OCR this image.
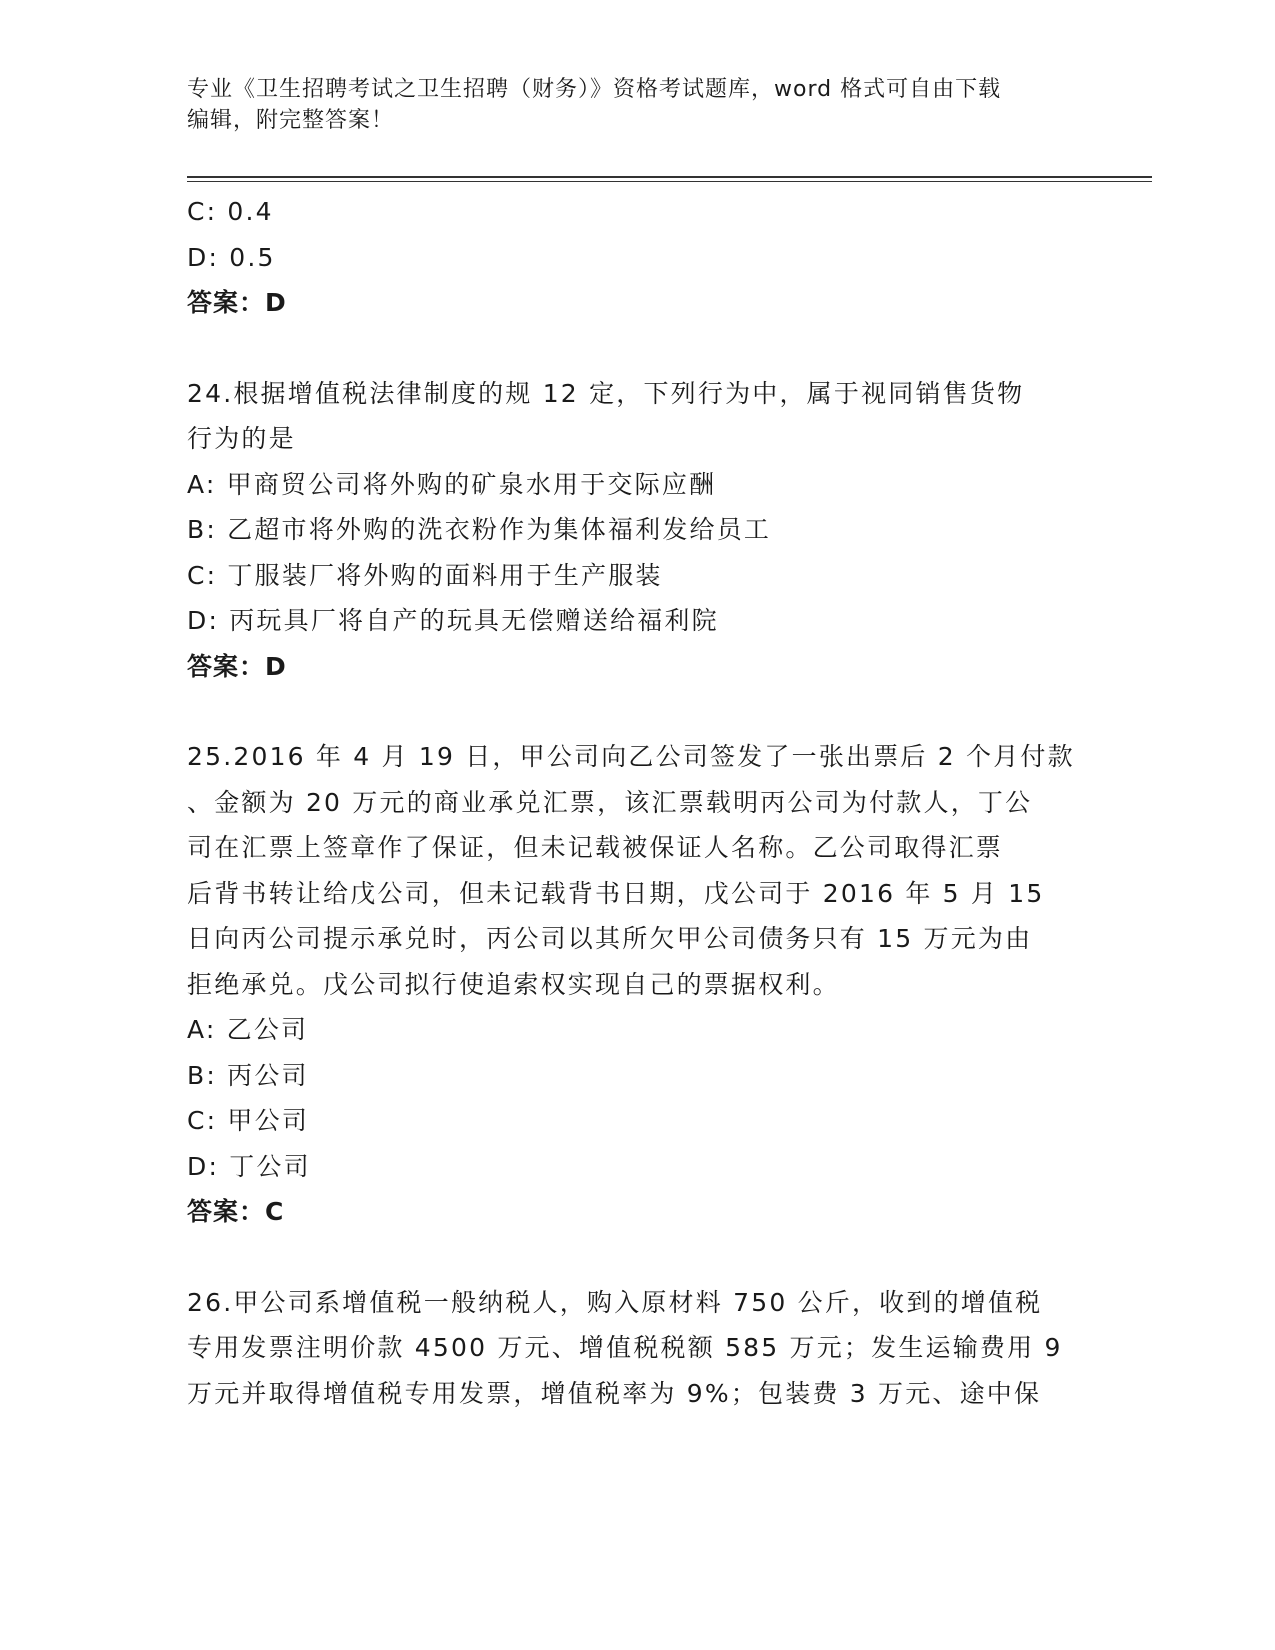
专业《卫生招聘考试之卫生招聘（财务）》资格考试题库，word 格式可自由下载
编辑，附完整答案！
C: 0.4
D: 0.5
答案：D
24.根据增值税法律制度的规 12 定，下列行为中，属于视同销售货物
行为的是
A: 甲商贸公司将外购的矿泉水用于交际应酬
B: 乙超市将外购的洗衣粉作为集体福利发给员工
C: 丁服装厂将外购的面料用于生产服装
D: 丙玩具厂将自产的玩具无偿赠送给福利院
答案：D
25.2016 年 4 月 19 日，甲公司向乙公司签发了一张出票后 2 个月付款
、金额为 20 万元的商业承兑汇票，该汇票载明丙公司为付款人，丁公
司在汇票上签章作了保证，但未记载被保证人名称。乙公司取得汇票
后背书转让给戊公司，但未记载背书日期，戊公司于 2016 年 5 月 15
日向丙公司提示承兑时，丙公司以其所欠甲公司债务只有 15 万元为由
拒绝承兑。戊公司拟行使追索权实现自己的票据权利。
A: 乙公司
B: 丙公司
C: 甲公司
D: 丁公司
答案：C
26.甲公司系增值税一般纳税人，购入原材料 750 公斤，收到的增值税
专用发票注明价款 4500 万元、增值税税额 585 万元；发生运输费用 9
万元并取得增值税专用发票，增值税率为 9%；包装费 3 万元、途中保
